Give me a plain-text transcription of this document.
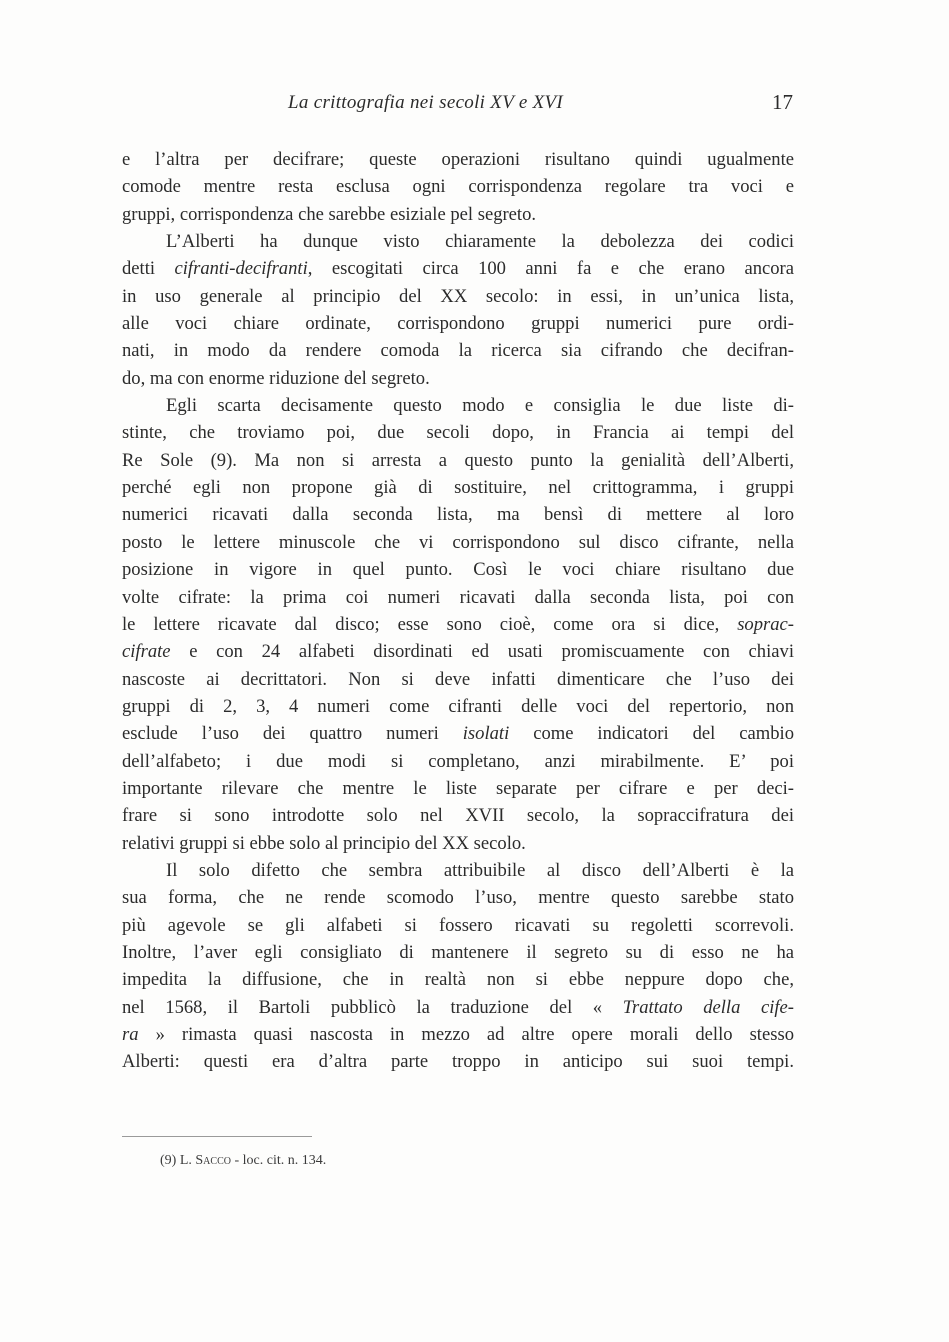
La crittografia nei secoli XV e XVI	17
e l’altra per decifrare; queste operazioni risultano quindi ugualmente
comode mentre resta esclusa ogni corrispondenza regolare tra voci e
gruppi, corrispondenza che sarebbe esiziale pel segreto.
L’Alberti ha dunque visto chiaramente la debolezza dei codici
detti cifranti-decifranti, escogitati circa 100 anni fa e che erano ancora
in uso generale al principio del XX secolo: in essi, in un’unica lista,
alle voci chiare ordinate, corrispondono gruppi numerici pure ordi-
nati, in modo da rendere comoda la ricerca sia cifrando che decifran-
do, ma con enorme riduzione del segreto.
Egli scarta decisamente questo modo e consiglia le due liste di-
stinte, che troviamo poi, due secoli dopo, in Francia ai tempi del
Re Sole (9). Ma non si arresta a questo punto la genialità dell’Alberti,
perché egli non propone già di sostituire, nel crittogramma, i gruppi
numerici ricavati dalla seconda lista, ma bensì di mettere al loro
posto le lettere minuscole che vi corrispondono sul disco cifrante, nella
posizione in vigore in quel punto. Così le voci chiare risultano due
volte cifrate: la prima coi numeri ricavati dalla seconda lista, poi con
le lettere ricavate dal disco; esse sono cioè, come ora si dice, soprac-
cifrate e con 24 alfabeti disordinati ed usati promiscuamente con chiavi
nascoste ai decrittatori. Non si deve infatti dimenticare che l’uso dei
gruppi di 2, 3, 4 numeri come cifranti delle voci del repertorio, non
esclude l’uso dei quattro numeri isolati come indicatori del cambio
dell’alfabeto; i due modi si completano, anzi mirabilmente. E’ poi
importante rilevare che mentre le liste separate per cifrare e per deci-
frare si sono introdotte solo nel XVII secolo, la sopraccifratura dei
relativi gruppi si ebbe solo al principio del XX secolo.
Il solo difetto che sembra attribuibile al disco dell’Alberti è la
sua forma, che ne rende scomodo l’uso, mentre questo sarebbe stato
più agevole se gli alfabeti si fossero ricavati su regoletti scorrevoli.
Inoltre, l’aver egli consigliato di mantenere il segreto su di esso ne ha
impedita la diffusione, che in realtà non si ebbe neppure dopo che,
nel 1568, il Bartoli pubblicò la traduzione del « Trattato della cife-
ra » rimasta quasi nascosta in mezzo ad altre opere morali dello stesso
Alberti: questi era d’altra parte troppo in anticipo sui suoi tempi.
(9) L. Sacco - loc. cit. n. 134.
